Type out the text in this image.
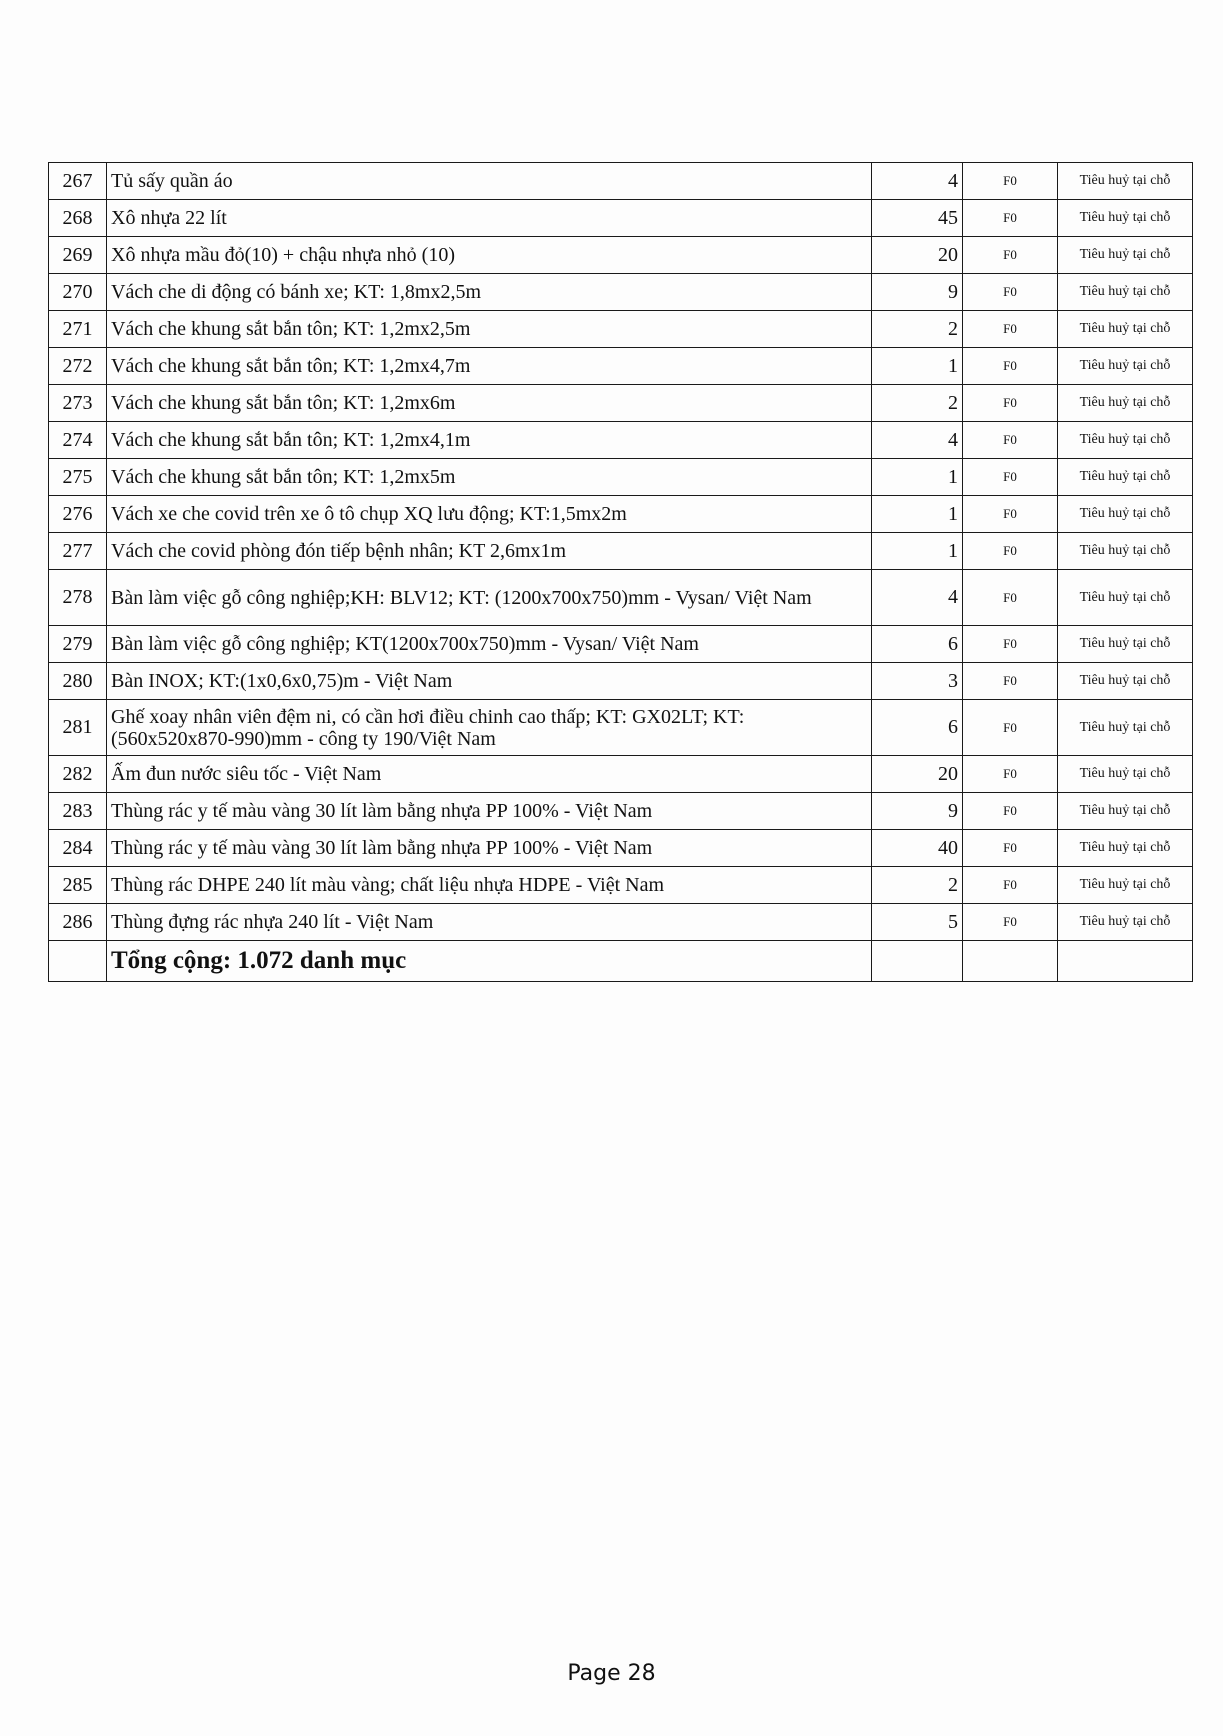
267	Tủ sấy quần áo	4	F0	Tiêu huỷ tại chỗ
268	Xô nhựa 22 lít	45	F0	Tiêu huỷ tại chỗ
269	Xô nhựa mầu đỏ(10) + chậu nhựa nhỏ (10)	20	F0	Tiêu huỷ tại chỗ
270	Vách che di động có bánh xe; KT: 1,8mx2,5m	9	F0	Tiêu huỷ tại chỗ
271	Vách che khung sắt bắn tôn; KT: 1,2mx2,5m	2	F0	Tiêu huỷ tại chỗ
272	Vách che khung sắt bắn tôn; KT: 1,2mx4,7m	1	F0	Tiêu huỷ tại chỗ
273	Vách che khung sắt bắn tôn; KT: 1,2mx6m	2	F0	Tiêu huỷ tại chỗ
274	Vách che khung sắt bắn tôn; KT: 1,2mx4,1m	4	F0	Tiêu huỷ tại chỗ
275	Vách che khung sắt bắn tôn; KT: 1,2mx5m	1	F0	Tiêu huỷ tại chỗ
276	Vách xe che covid trên xe ô tô chụp XQ lưu động; KT:1,5mx2m	1	F0	Tiêu huỷ tại chỗ
277	Vách che covid phòng đón tiếp bệnh nhân; KT 2,6mx1m	1	F0	Tiêu huỷ tại chỗ
278	Bàn làm việc gỗ công nghiệp;KH: BLV12; KT: (1200x700x750)mm - Vysan/ Việt Nam	4	F0	Tiêu huỷ tại chỗ
279	Bàn làm việc gỗ công nghiệp; KT(1200x700x750)mm - Vysan/ Việt Nam	6	F0	Tiêu huỷ tại chỗ
280	Bàn INOX; KT:(1x0,6x0,75)m - Việt Nam	3	F0	Tiêu huỷ tại chỗ
281	Ghế xoay nhân viên đệm ni, có cần hơi điều chinh cao thấp; KT: GX02LT; KT: (560x520x870-990)mm - công ty 190/Việt Nam	6	F0	Tiêu huỷ tại chỗ
282	Ấm đun nước siêu tốc - Việt Nam	20	F0	Tiêu huỷ tại chỗ
283	Thùng rác y tế màu vàng 30 lít làm bằng nhựa PP 100% - Việt Nam	9	F0	Tiêu huỷ tại chỗ
284	Thùng rác y tế màu vàng 30 lít làm bằng nhựa PP 100% - Việt Nam	40	F0	Tiêu huỷ tại chỗ
285	Thùng rác DHPE 240 lít màu vàng; chất liệu nhựa HDPE - Việt Nam	2	F0	Tiêu huỷ tại chỗ
286	Thùng đựng rác nhựa 240 lít - Việt Nam	5	F0	Tiêu huỷ tại chỗ
	Tổng cộng: 1.072 danh mục			
Page 28
